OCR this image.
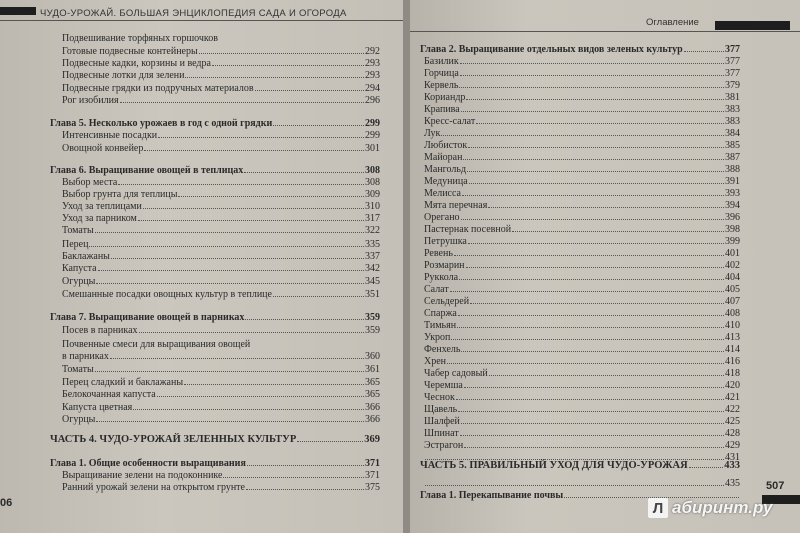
ЧУДО-УРОЖАЙ. БОЛЬШАЯ ЭНЦИКЛОПЕДИЯ САДА И ОГОРОДА
Подвешивание торфяных горшочков
Готовые подвесные контейнеры	292
Подвесные кадки, корзины и ведра	293
Подвесные лотки для зелени	293
Подвесные грядки из подручных материалов	294
Рог изобилия	296
Глава 5. Несколько урожаев в год с одной грядки	299
Интенсивные посадки	299
Овощной конвейер	301
Глава 6. Выращивание овощей в теплицах	308
Выбор места	308
Выбор грунта для теплицы	309
Уход за теплицами	310
Уход за парником	317
Томаты	322
Перец	335
Баклажаны	337
Капуста	342
Огурцы	345
Смешанные посадки овощных культур в теплице	351
Глава 7. Выращивание овощей в парниках	359
Посев в парниках	359
Почвенные смеси для выращивания овощей
в парниках	360
Томаты	361
Перец сладкий и баклажаны	365
Белокочанная капуста	365
Капуста цветная	366
Огурцы	366
ЧАСТЬ 4. ЧУДО-УРОЖАЙ ЗЕЛЕННЫХ КУЛЬТУР	369
Глава 1. Общие особенности выращивания	371
Выращивание зелени на подоконнике	371
Ранний урожай зелени на открытом грунте	375
06
Оглавление
Глава 2. Выращивание отдельных видов зеленых культур	377
Базилик	377
Горчица	377
Кервель	379
Кориандр	381
Крапива	383
Кресс-салат	383
Лук	384
Любисток	385
Майоран	387
Мангольд	388
Медуница	391
Мелисса	393
Мята перечная	394
Орегано	396
Пастернак посевной	398
Петрушка	399
Ревень	401
Розмарин	402
Руккола	404
Салат	405
Сельдерей	407
Спаржа	408
Тимьян	410
Укроп	413
Фенхель	414
Хрен	416
Чабер садовый	418
Черемша	420
Чеснок	421
Щавель	422
Шалфей	425
Шпинат	428
Эстрагон	429
431
ЧАСТЬ 5. ПРАВИЛЬНЫЙ УХОД ДЛЯ ЧУДО-УРОЖАЯ	433
435
Глава 1. Перекапывание почвы
507
Л абиринт.ру
